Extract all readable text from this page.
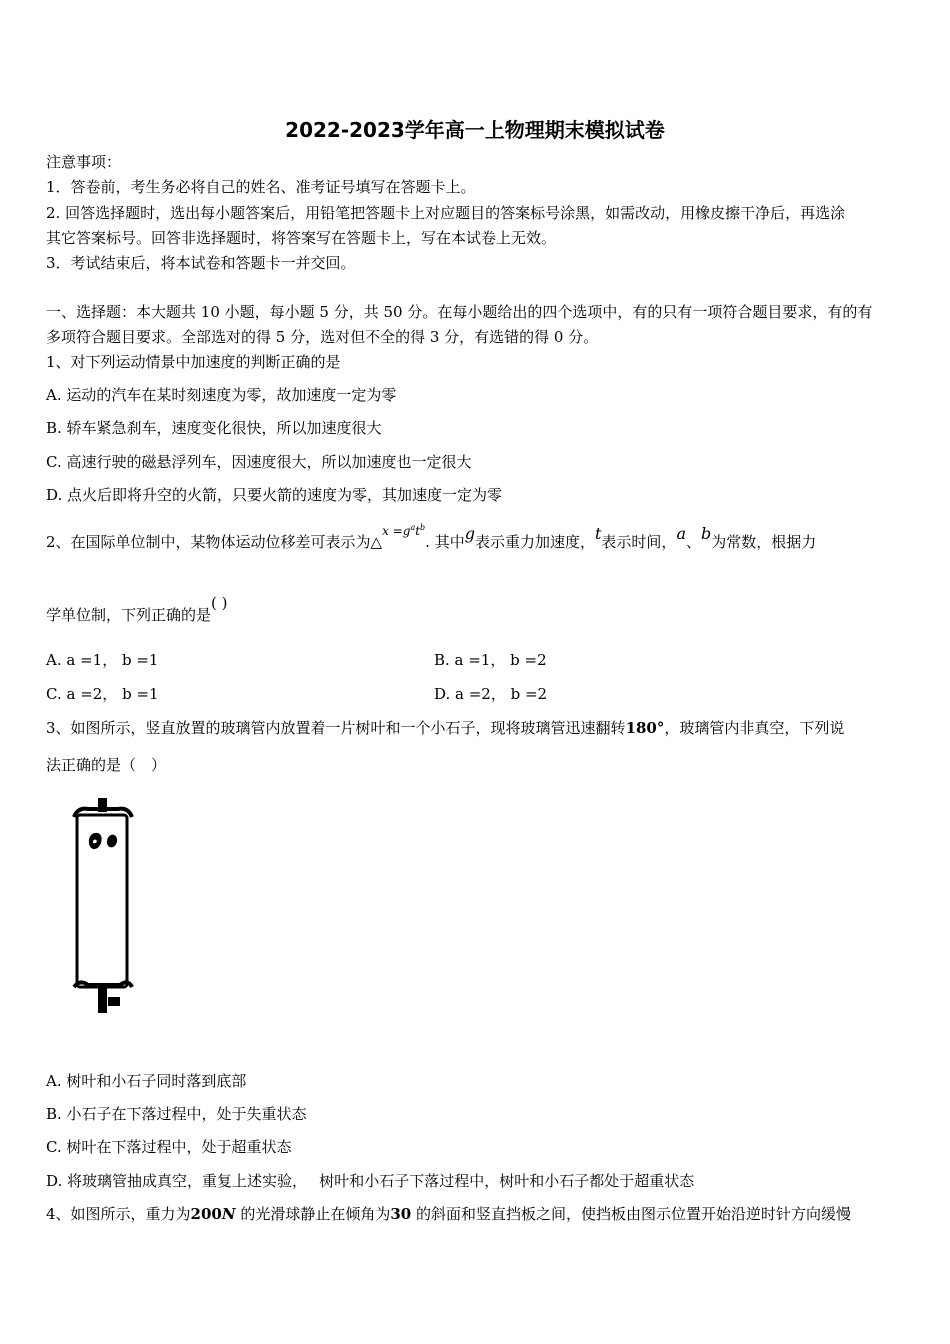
2022-2023学年高一上物理期末模拟试卷
注意事项：
1．答卷前，考生务必将自己的姓名、准考证号填写在答题卡上。
2. 回答选择题时，选出每小题答案后，用铅笔把答题卡上对应题目的答案标号涂黑，如需改动，用橡皮擦干净后，再选涂
其它答案标号。回答非选择题时，将答案写在答题卡上，写在本试卷上无效。
3．考试结束后，将本试卷和答题卡一并交回。
一、选择题：本大题共 10 小题，每小题 5 分，共 50 分。在每小题给出的四个选项中，有的只有一项符合题目要求，有的有
多项符合题目要求。全部选对的得 5 分，选对但不全的得 3 分，有选错的得 0 分。
1、对下列运动情景中加速度的判断正确的是
A. 运动的汽车在某时刻速度为零，故加速度一定为零
B. 轿车紧急刹车，速度变化很快，所以加速度很大
C. 高速行驶的磁悬浮列车，因速度很大，所以加速度也一定很大
D. 点火后即将升空的火箭，只要火箭的速度为零，其加速度一定为零
2、在国际单位制中，某物体运动位移差可表示为△$^{x =g^at^b}$. 其中g表示重力加速度，t表示时间，a、b为常数，根据力
学单位制，下列正确的是( )
A. a =1， b =1	B. a =1， b =2
C. a =2， b =1	D. a =2， b =2
3、如图所示，竖直放置的玻璃管内放置着一片树叶和一个小石子，现将玻璃管迅速翻转180°，玻璃管内非真空，下列说
法正确的是（　）
A. 树叶和小石子同时落到底部
B. 小石子在下落过程中，处于失重状态
C. 树叶在下落过程中，处于超重状态
D. 将玻璃管抽成真空，重复上述实验，　 树叶和小石子下落过程中，树叶和小石子都处于超重状态
4、如图所示，重力为200N 的光滑球静止在倾角为30 的斜面和竖直挡板之间，使挡板由图示位置开始沿逆时针方向缓慢
